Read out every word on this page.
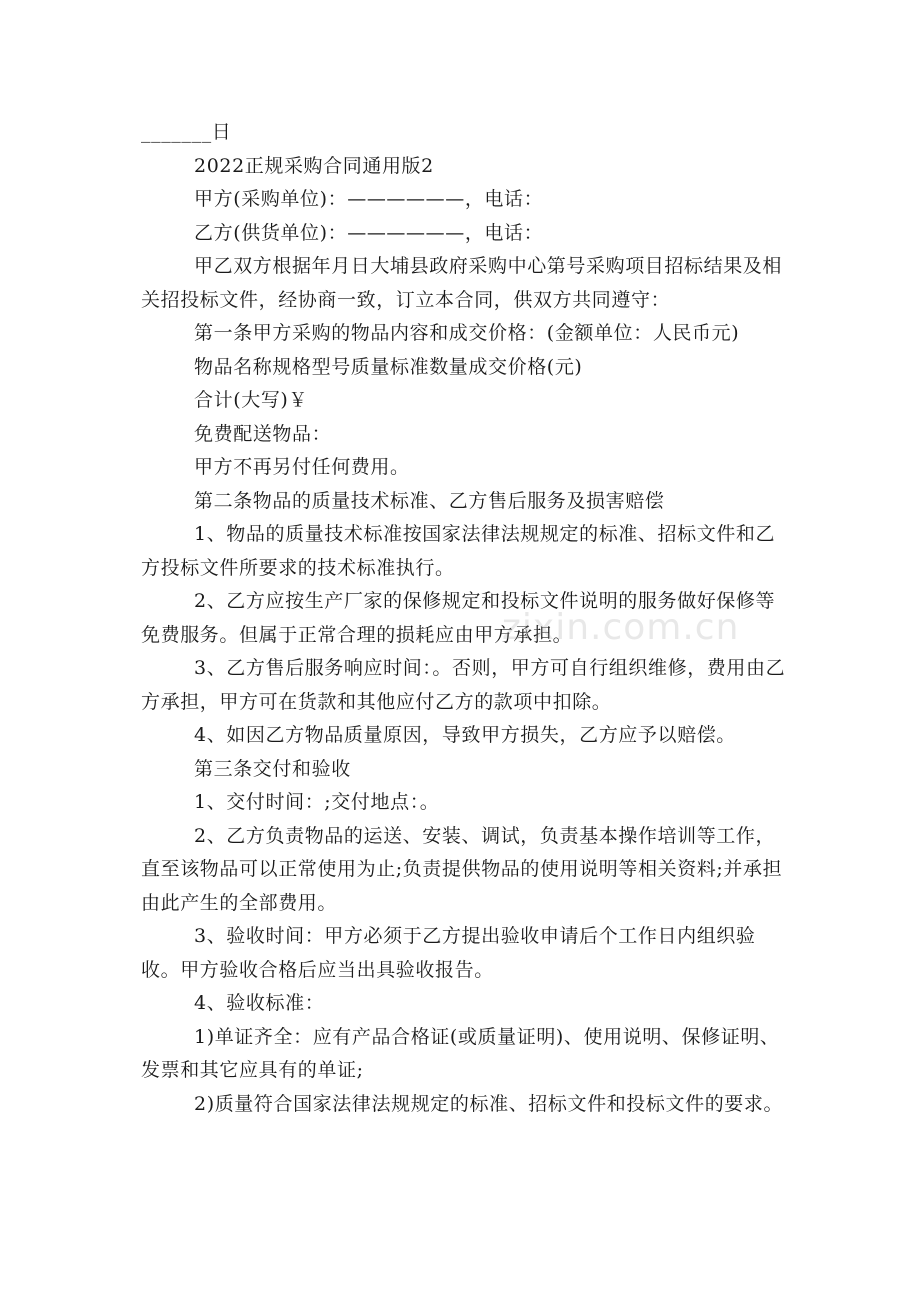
_______日

2022正规采购合同通用版2

甲方(采购单位)：——————，电话：

乙方(供货单位)：——————，电话：

甲乙双方根据年月日大埔县政府采购中心第号采购项目招标结果及相关招投标文件，经协商一致，订立本合同，供双方共同遵守：

第一条甲方采购的物品内容和成交价格：(金额单位：人民币元)

物品名称规格型号质量标准数量成交价格(元)

合计(大写)￥

免费配送物品：

甲方不再另付任何费用。

第二条物品的质量技术标准、乙方售后服务及损害赔偿

1、物品的质量技术标准按国家法律法规规定的标准、招标文件和乙方投标文件所要求的技术标准执行。

2、乙方应按生产厂家的保修规定和投标文件说明的服务做好保修等免费服务。但属于正常合理的损耗应由甲方承担。

3、乙方售后服务响应时间：。否则，甲方可自行组织维修，费用由乙方承担，甲方可在货款和其他应付乙方的款项中扣除。

4、如因乙方物品质量原因，导致甲方损失，乙方应予以赔偿。

第三条交付和验收

1、交付时间：;交付地点：。

2、乙方负责物品的运送、安装、调试，负责基本操作培训等工作，直至该物品可以正常使用为止;负责提供物品的使用说明等相关资料;并承担由此产生的全部费用。

3、验收时间：甲方必须于乙方提出验收申请后个工作日内组织验收。甲方验收合格后应当出具验收报告。

4、验收标准：

1)单证齐全：应有产品合格证(或质量证明)、使用说明、保修证明、发票和其它应具有的单证;

2)质量符合国家法律法规规定的标准、招标文件和投标文件的要求。

zixin.com.cn
